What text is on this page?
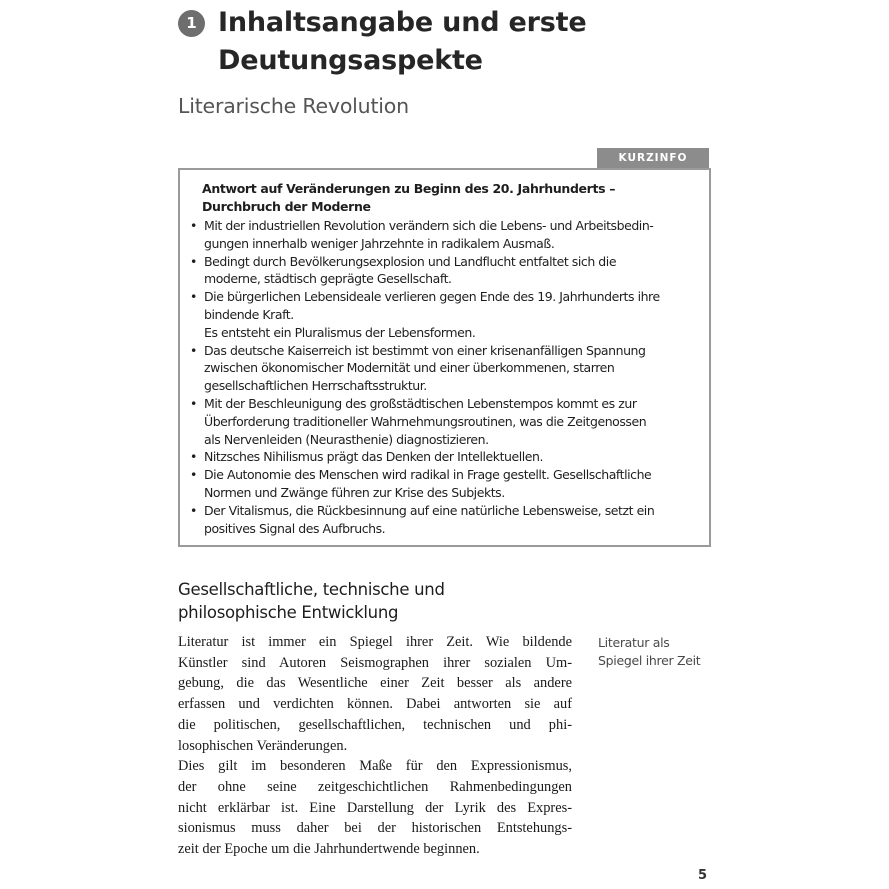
1 Inhaltsangabe und erste
Deutungsaspekte
Literarische Revolution
KURZINFO
Antwort auf Veränderungen zu Beginn des 20. Jahrhunderts –
Durchbruch der Moderne
• Mit der industriellen Revolution verändern sich die Lebens- und Arbeitsbedin-
gungen innerhalb weniger Jahrzehnte in radikalem Ausmaß.
• Bedingt durch Bevölkerungsexplosion und Landflucht entfaltet sich die
moderne, städtisch geprägte Gesellschaft.
• Die bürgerlichen Lebensideale verlieren gegen Ende des 19. Jahrhunderts ihre
bindende Kraft.
Es entsteht ein Pluralismus der Lebensformen.
• Das deutsche Kaiserreich ist bestimmt von einer krisenanfälligen Spannung
zwischen ökonomischer Modernität und einer überkommenen, starren
gesellschaftlichen Herrschaftsstruktur.
• Mit der Beschleunigung des großstädtischen Lebenstempos kommt es zur
Überforderung traditioneller Wahrnehmungsroutinen, was die Zeitgenossen
als Nervenleiden (Neurasthenie) diagnostizieren.
• Nitzsches Nihilismus prägt das Denken der Intellektuellen.
• Die Autonomie des Menschen wird radikal in Frage gestellt. Gesellschaftliche
Normen und Zwänge führen zur Krise des Subjekts.
• Der Vitalismus, die Rückbesinnung auf eine natürliche Lebensweise, setzt ein
positives Signal des Aufbruchs.
Gesellschaftliche, technische und
philosophische Entwicklung
Literatur ist immer ein Spiegel ihrer Zeit. Wie bildende
Künstler sind Autoren Seismographen ihrer sozialen Um-
gebung, die das Wesentliche einer Zeit besser als andere
erfassen und verdichten können. Dabei antworten sie auf
die politischen, gesellschaftlichen, technischen und phi-
losophischen Veränderungen.
Dies gilt im besonderen Maße für den Expressionismus,
der ohne seine zeitgeschichtlichen Rahmenbedingungen
nicht erklärbar ist. Eine Darstellung der Lyrik des Expres-
sionismus muss daher bei der historischen Entstehungs-
zeit der Epoche um die Jahrhundertwende beginnen.
Literatur als
Spiegel ihrer Zeit
5
